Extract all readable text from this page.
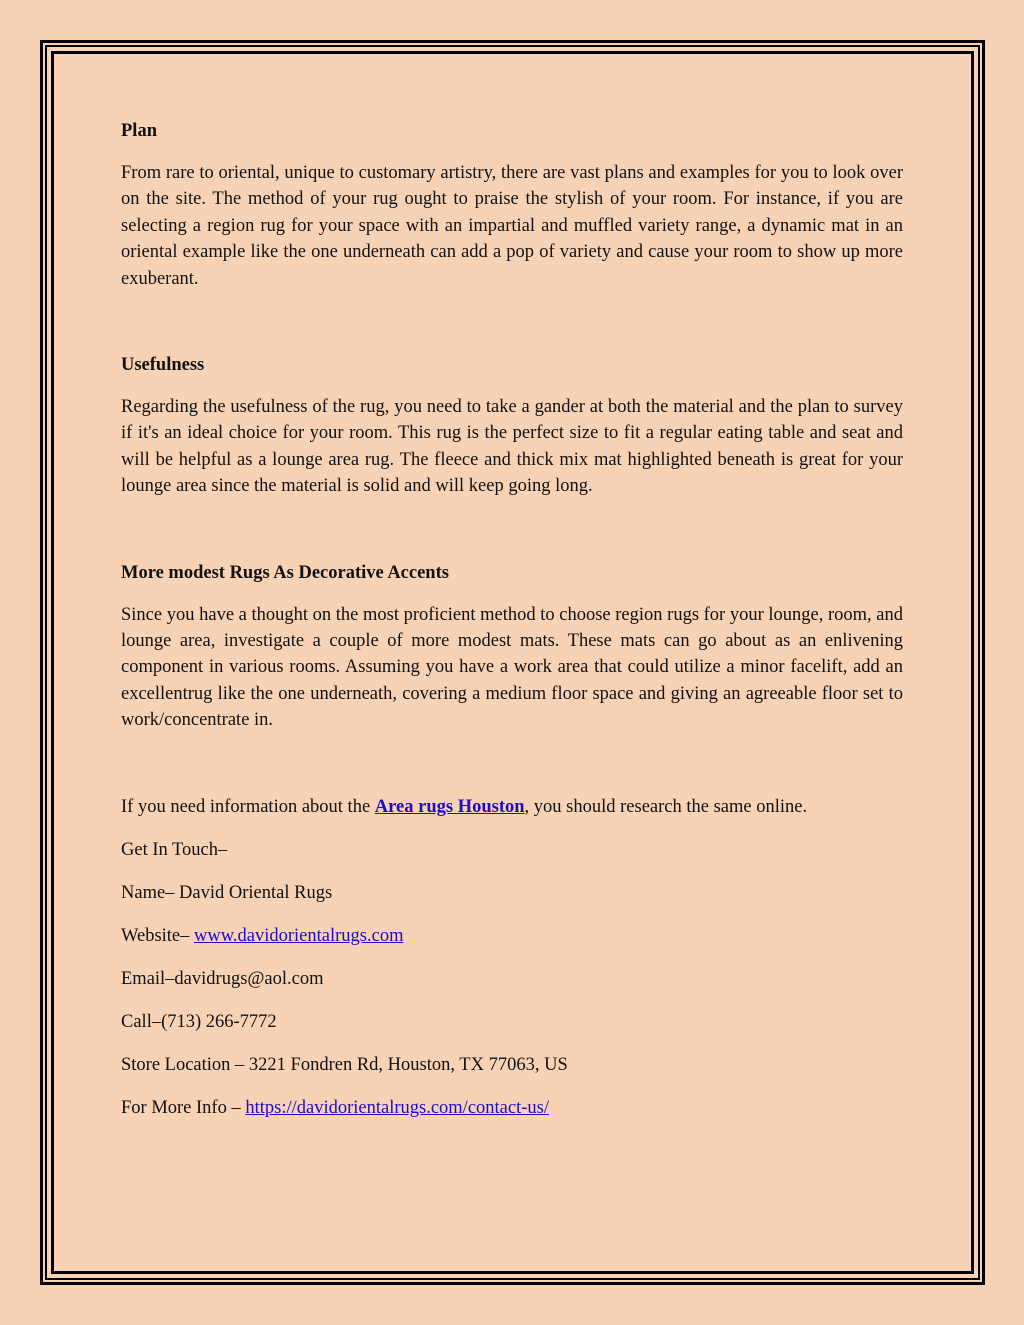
Plan

From rare to oriental, unique to customary artistry, there are vast plans and examples for you to look over on the site. The method of your rug ought to praise the stylish of your room. For instance, if you are selecting a region rug for your space with an impartial and muffled variety range, a dynamic mat in an oriental example like the one underneath can add a pop of variety and cause your room to show up more exuberant.

Usefulness

Regarding the usefulness of the rug, you need to take a gander at both the material and the plan to survey if it's an ideal choice for your room. This rug is the perfect size to fit a regular eating table and seat and will be helpful as a lounge area rug. The fleece and thick mix mat highlighted beneath is great for your lounge area since the material is solid and will keep going long.

More modest Rugs As Decorative Accents

Since you have a thought on the most proficient method to choose region rugs for your lounge, room, and lounge area, investigate a couple of more modest mats. These mats can go about as an enlivening component in various rooms. Assuming you have a work area that could utilize a minor facelift, add an excellentrug like the one underneath, covering a medium floor space and giving an agreeable floor set to work/concentrate in.

If you need information about the Area rugs Houston, you should research the same online.

Get In Touch–

Name– David Oriental Rugs

Website– www.davidorientalrugs.com

Email–davidrugs@aol.com

Call–(713) 266-7772

Store Location – 3221 Fondren Rd, Houston, TX 77063, US

For More Info – https://davidorientalrugs.com/contact-us/
